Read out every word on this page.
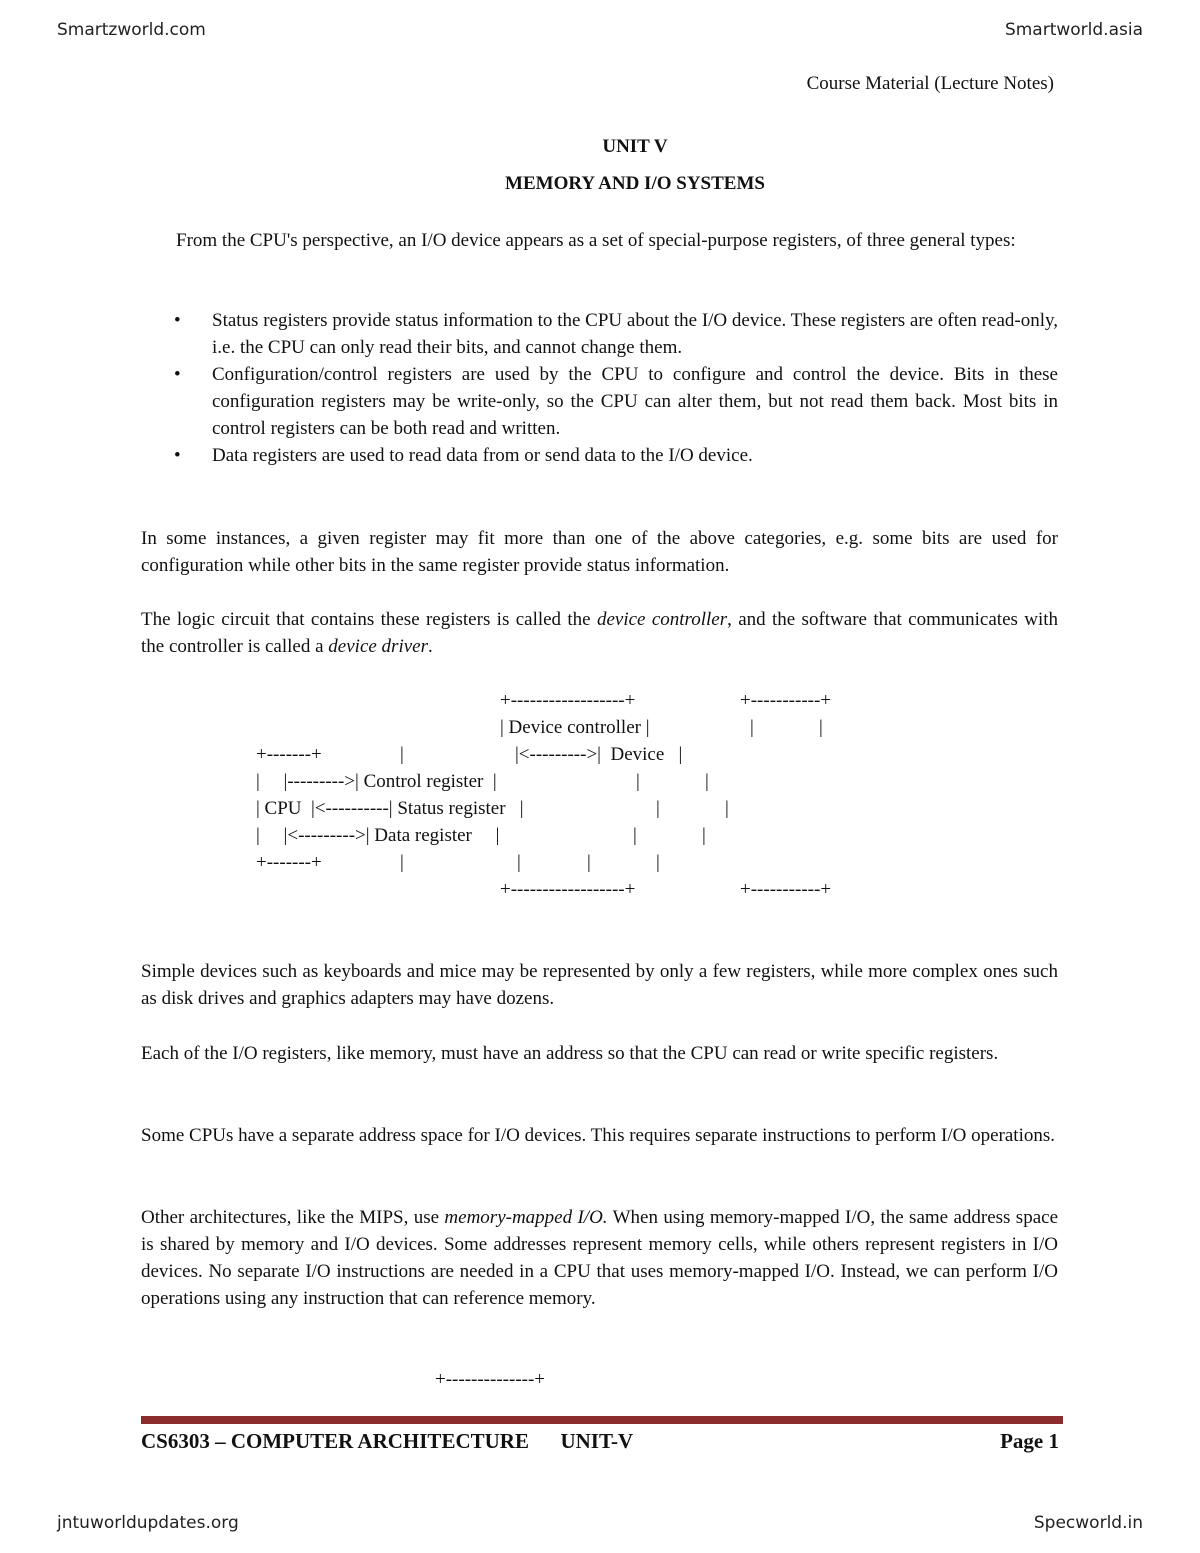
Smartzworld.com	Smartworld.asia
Course Material (Lecture Notes)
UNIT V
MEMORY AND I/O SYSTEMS

From the CPU's perspective, an I/O device appears as a set of special-purpose registers, of three general types:

• Status registers provide status information to the CPU about the I/O device. These registers are often read-only, i.e. the CPU can only read their bits, and cannot change them.
• Configuration/control registers are used by the CPU to configure and control the device. Bits in these configuration registers may be write-only, so the CPU can alter them, but not read them back. Most bits in control registers can be both read and written.
• Data registers are used to read data from or send data to the I/O device.

In some instances, a given register may fit more than one of the above categories, e.g. some bits are used for configuration while other bits in the same register provide status information.

The logic circuit that contains these registers is called the device controller, and the software that communicates with the controller is called a device driver.

+------------------+
| Device controller |	|	|
+-----------+
+-------+	|	|<--------->|  Device   |
|     |--------->| Control register  |	|	|
| CPU  |<----------| Status register   |	|	|
|     |<--------->| Data register     |	|	|
+-------+	|	|	|	|
+------------------+	+-----------+

Simple devices such as keyboards and mice may be represented by only a few registers, while more complex ones such as disk drives and graphics adapters may have dozens.

Each of the I/O registers, like memory, must have an address so that the CPU can read or write specific registers.

Some CPUs have a separate address space for I/O devices. This requires separate instructions to perform I/O operations.

Other architectures, like the MIPS, use memory-mapped I/O. When using memory-mapped I/O, the same address space is shared by memory and I/O devices. Some addresses represent memory cells, while others represent registers in I/O devices. No separate I/O instructions are needed in a CPU that uses memory-mapped I/O. Instead, we can perform I/O operations using any instruction that can reference memory.

+--------------+
CS6303 – COMPUTER ARCHITECTURE      UNIT-V	Page 1
jntuworldupdates.org	Specworld.in
